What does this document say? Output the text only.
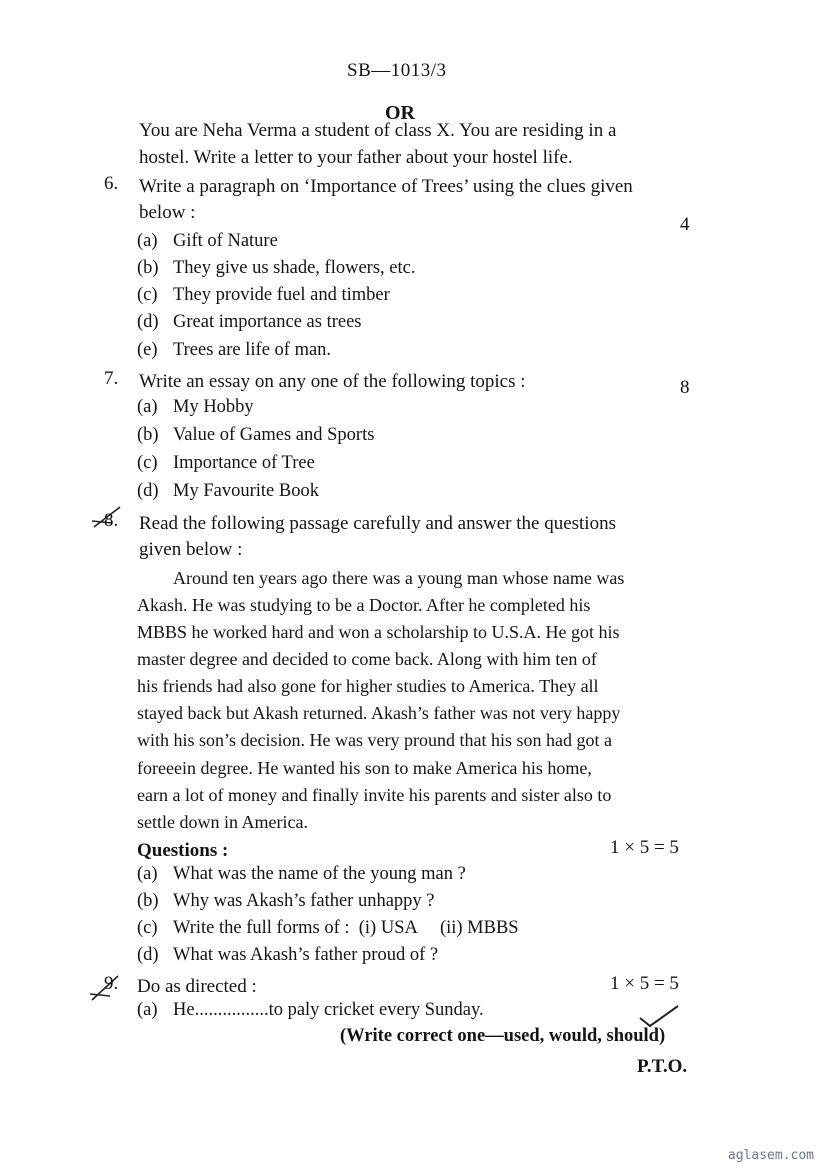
SB—1013/3
OR
You are Neha Verma a student of class X. You are residing in a
hostel. Write a letter to your father about your hostel life.
6. Write a paragraph on ‘Importance of Trees’ using the clues given
below :
4
(a) Gift of Nature
(b) They give us shade, flowers, etc.
(c) They provide fuel and timber
(d) Great importance as trees
(e) Trees are life of man.
7. Write an essay on any one of the following topics :	8
(a) My Hobby
(b) Value of Games and Sports
(c) Importance of Tree
(d) My Favourite Book
8. Read the following passage carefully and answer the questions
given below :
Around ten years ago there was a young man whose name was
Akash. He was studying to be a Doctor. After he completed his
MBBS he worked hard and won a scholarship to U.S.A. He got his
master degree and decided to come back. Along with him ten of
his friends had also gone for higher studies to America. They all
stayed back but Akash returned. Akash’s father was not very happy
with his son’s decision. He was very pround that his son had got a
foreeein degree. He wanted his son to make America his home,
earn a lot of money and finally invite his parents and sister also to
settle down in America.
Questions :	1 × 5 = 5
(a) What was the name of the young man ?
(b) Why was Akash’s father unhappy ?
(c) Write the full forms of :  (i) USA     (ii) MBBS
(d) What was Akash’s father proud of ?
9. Do as directed :	1 × 5 = 5
(a) He................to paly cricket every Sunday.
(Write correct one—used, would, should)
P.T.O.
aglasem.com
